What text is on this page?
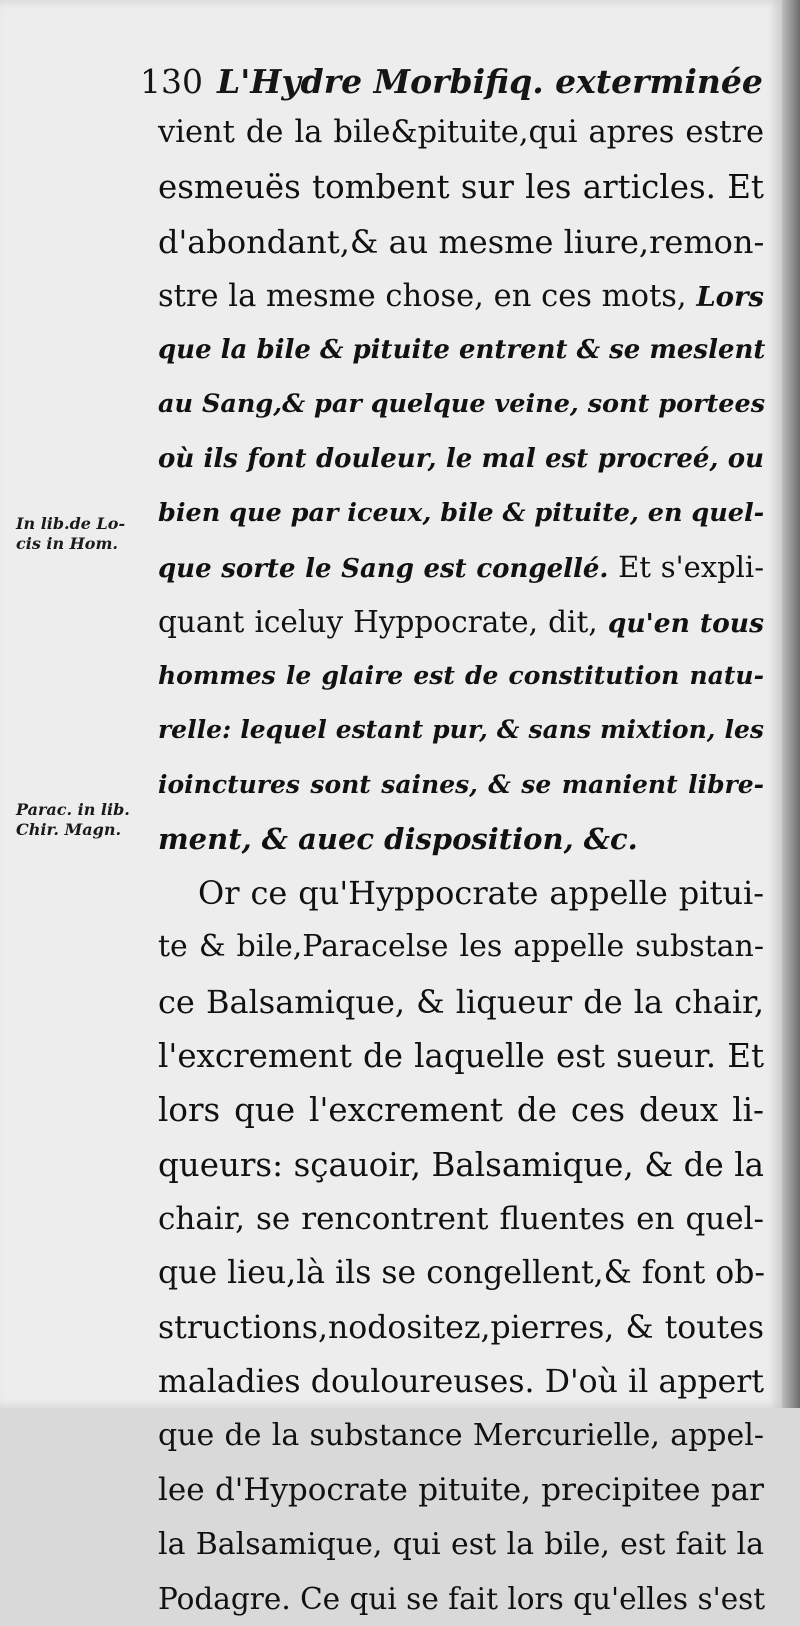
130 L'Hydre Morbifiq. exterminée
In lib.de Lo-
cis in Hom.
Parac. in lib.
Chir. Magn.
vient de la bile&pituite,qui apres estre
esmeuës tombent sur les articles. Et
d'abondant,& au mesme liure,remon-
stre la mesme chose, en ces mots, Lors
que la bile & pituite entrent & se meslent
au Sang,& par quelque veine, sont portees
où ils font douleur, le mal est procreé, ou
bien que par iceux, bile & pituite, en quel-
que sorte le Sang est congellé. Et s'expli-
quant iceluy Hyppocrate, dit, qu'en tous
hommes le glaire est de constitution natu-
relle: lequel estant pur, & sans mixtion, les
ioinctures sont saines, & se manient libre-
ment, & auec disposition, &c.
Or ce qu'Hyppocrate appelle pitui-
te & bile,Paracelse les appelle substan-
ce Balsamique, & liqueur de la chair,
l'excrement de laquelle est sueur. Et
lors que l'excrement de ces deux li-
queurs: sçauoir, Balsamique, & de la
chair, se rencontrent fluentes en quel-
que lieu,là ils se congellent,& font ob-
structions,nodositez,pierres, & toutes
maladies douloureuses. D'où il appert
que de la substance Mercurielle, appel-
lee d'Hypocrate pituite, precipitee par
la Balsamique, qui est la bile, est fait la
Podagre. Ce qui se fait lors qu'elles s'est
